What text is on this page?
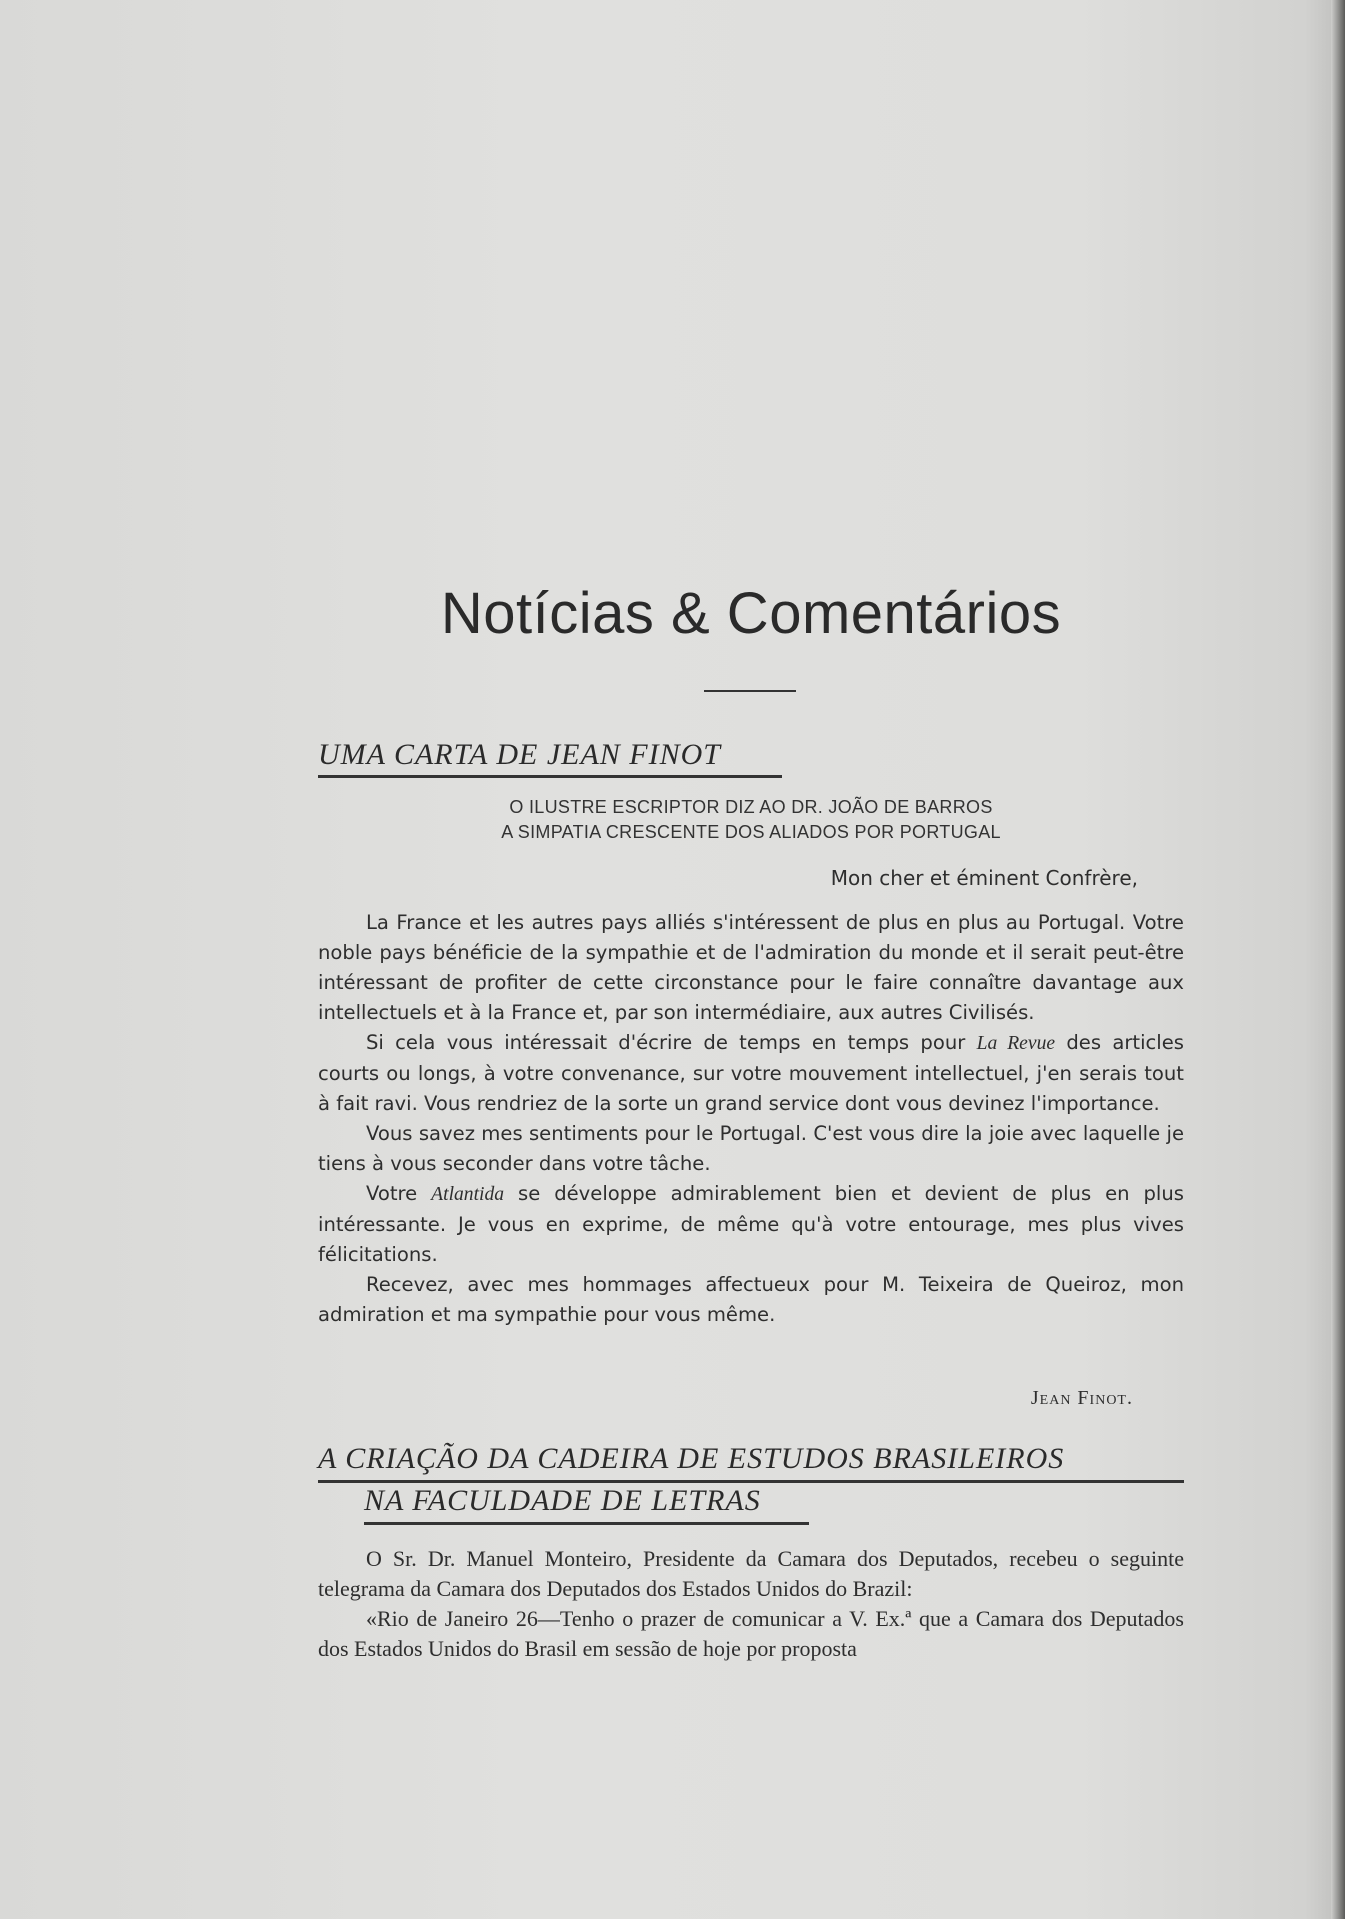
Notícias & Comentários
UMA CARTA DE JEAN FINOT
O ILUSTRE ESCRIPTOR DIZ AO DR. JOÃO DE BARROS
A SIMPATIA CRESCENTE DOS ALIADOS POR PORTUGAL
Mon cher et éminent Confrère,

La France et les autres pays alliés s'intéressent de plus en plus au Portugal. Votre noble pays bénéficie de la sympathie et de l'admiration du monde et il serait peut-être intéressant de profiter de cette circonstance pour le faire connaître davantage aux intellectuels et à la France et, par son intermédiaire, aux autres Civilisés.

Si cela vous intéressait d'écrire de temps en temps pour La Revue des articles courts ou longs, à votre convenance, sur votre mouvement intellectuel, j'en serais tout à fait ravi. Vous rendriez de la sorte un grand service dont vous devinez l'importance.

Vous savez mes sentiments pour le Portugal. C'est vous dire la joie avec laquelle je tiens à vous seconder dans votre tâche.

Votre Atlantida se développe admirablement bien et devient de plus en plus intéressante. Je vous en exprime, de même qu'à votre entourage, mes plus vives félicitations.

Recevez, avec mes hommages affectueux pour M. Teixeira de Queiroz, mon admiration et ma sympathie pour vous même.

Jean Finot.
A CRIAÇÃO DA CADEIRA DE ESTUDOS BRASILEIROS
NA FACULDADE DE LETRAS

O Sr. Dr. Manuel Monteiro, Presidente da Camara dos Deputados, recebeu o seguinte telegrama da Camara dos Deputados dos Estados Unidos do Brazil:

«Rio de Janeiro 26—Tenho o prazer de comunicar a V. Ex.ª que a Camara dos Deputados dos Estados Unidos do Brasil em sessão de hoje por proposta
